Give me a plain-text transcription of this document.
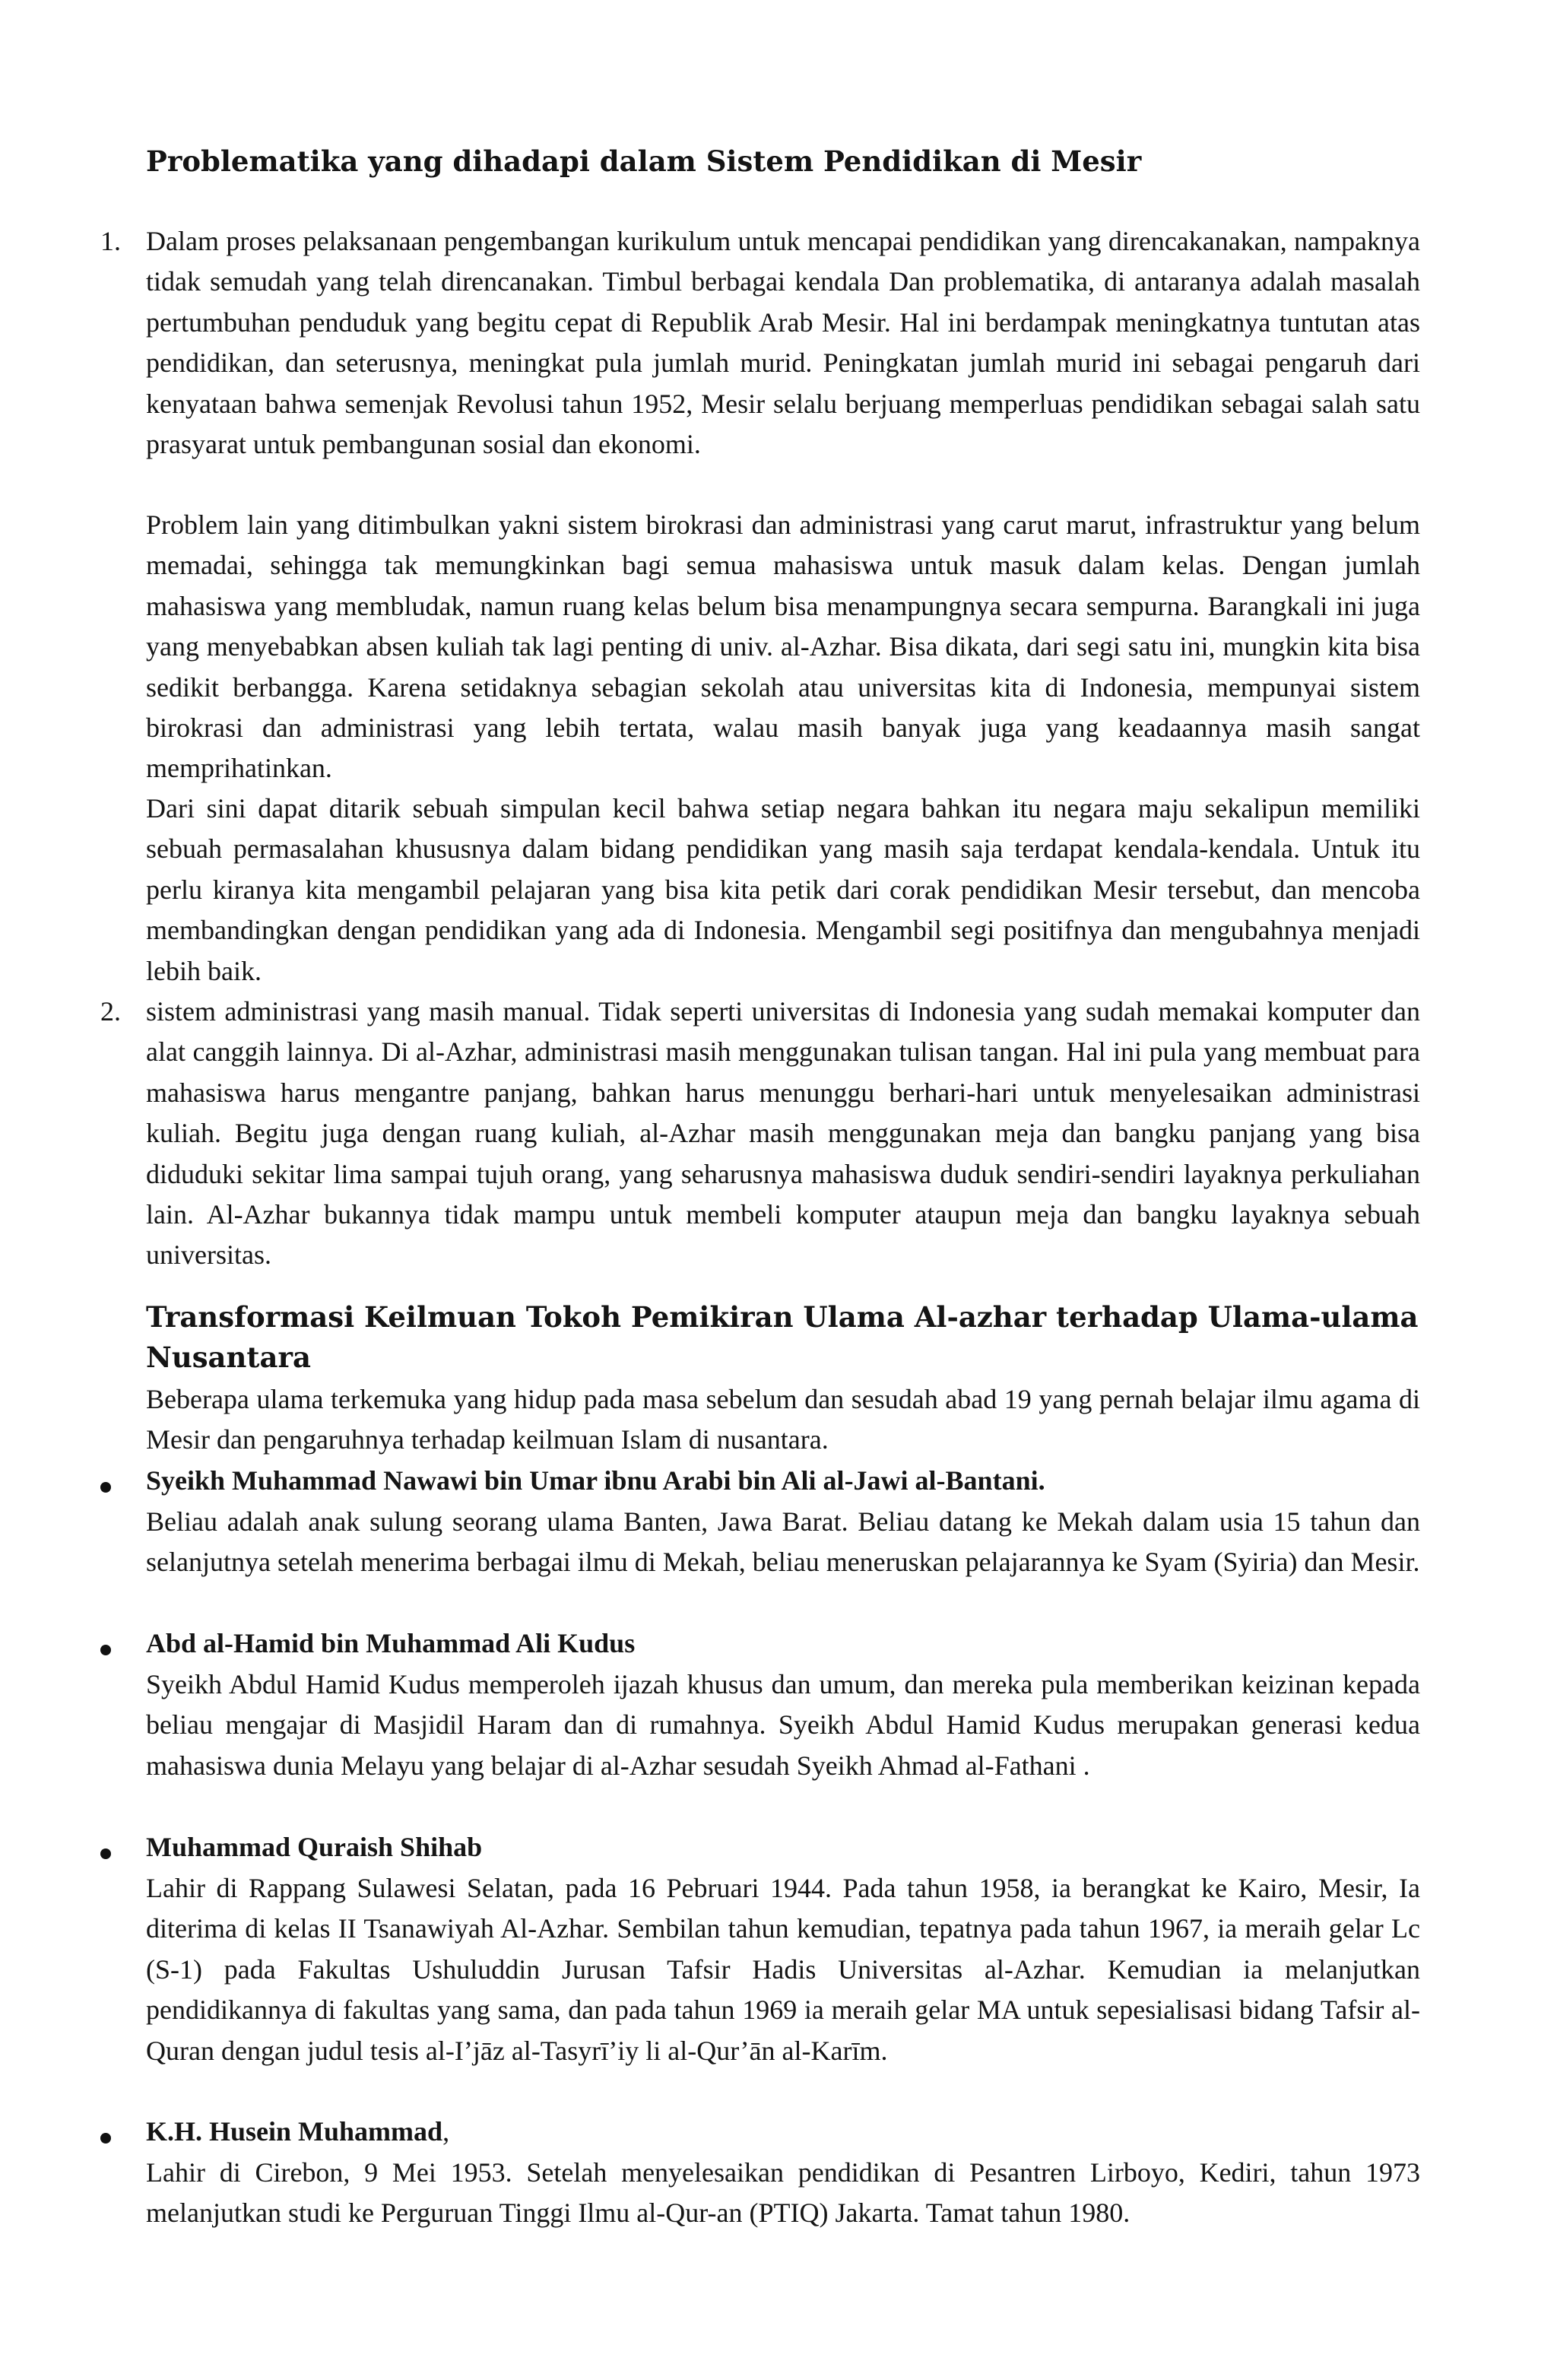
Problematika yang dihadapi dalam Sistem Pendidikan di Mesir
1. Dalam proses pelaksanaan pengembangan kurikulum untuk mencapai pendidikan yang direncakanakan, nampaknya tidak semudah yang telah direncanakan. Timbul berbagai kendala Dan problematika, di antaranya adalah masalah pertumbuhan penduduk yang begitu cepat di Republik Arab Mesir. Hal ini berdampak meningkatnya tuntutan atas pendidikan, dan seterusnya, meningkat pula jumlah murid. Peningkatan jumlah murid ini sebagai pengaruh dari kenyataan bahwa semenjak Revolusi tahun 1952, Mesir selalu berjuang memperluas pendidikan sebagai salah satu prasyarat untuk pembangunan sosial dan ekonomi.
Problem lain yang ditimbulkan yakni sistem birokrasi dan administrasi yang carut marut, infrastruktur yang belum memadai, sehingga tak memungkinkan bagi semua mahasiswa untuk masuk dalam kelas. Dengan jumlah mahasiswa yang membludak, namun ruang kelas belum bisa menampungnya secara sempurna. Barangkali ini juga yang menyebabkan absen kuliah tak lagi penting di univ. al-Azhar. Bisa dikata, dari segi satu ini, mungkin kita bisa sedikit berbangga. Karena setidaknya sebagian sekolah atau universitas kita di Indonesia, mempunyai sistem birokrasi dan administrasi yang lebih tertata, walau masih banyak juga yang keadaannya masih sangat memprihatinkan.
Dari sini dapat ditarik sebuah simpulan kecil bahwa setiap negara bahkan itu negara maju sekalipun memiliki sebuah permasalahan khususnya dalam bidang pendidikan yang masih saja terdapat kendala-kendala. Untuk itu perlu kiranya kita mengambil pelajaran yang bisa kita petik dari corak pendidikan Mesir tersebut, dan mencoba membandingkan dengan pendidikan yang ada di Indonesia. Mengambil segi positifnya dan mengubahnya menjadi lebih baik.
2. sistem administrasi yang masih manual. Tidak seperti universitas di Indonesia yang sudah memakai komputer dan alat canggih lainnya. Di al-Azhar, administrasi masih menggunakan tulisan tangan. Hal ini pula yang membuat para mahasiswa harus mengantre panjang, bahkan harus menunggu berhari-hari untuk menyelesaikan administrasi kuliah. Begitu juga dengan ruang kuliah, al-Azhar masih menggunakan meja dan bangku panjang yang bisa diduduki sekitar lima sampai tujuh orang, yang seharusnya mahasiswa duduk sendiri-sendiri layaknya perkuliahan lain. Al-Azhar bukannya tidak mampu untuk membeli komputer ataupun meja dan bangku layaknya sebuah universitas.
Transformasi Keilmuan Tokoh Pemikiran Ulama Al-azhar terhadap Ulama-ulama Nusantara
Beberapa ulama terkemuka yang hidup pada masa sebelum dan sesudah abad 19 yang pernah belajar ilmu agama di Mesir dan pengaruhnya terhadap keilmuan Islam di nusantara.
Syeikh Muhammad Nawawi bin Umar ibnu Arabi bin Ali al-Jawi al-Bantani.
Beliau adalah anak sulung seorang ulama Banten, Jawa Barat. Beliau datang ke Mekah dalam usia 15 tahun dan selanjutnya setelah menerima berbagai ilmu di Mekah, beliau meneruskan pelajarannya ke Syam (Syiria) dan Mesir.
Abd al-Hamid bin Muhammad Ali Kudus
Syeikh Abdul Hamid Kudus memperoleh ijazah khusus dan umum, dan mereka pula memberikan keizinan kepada beliau mengajar di Masjidil Haram dan di rumahnya. Syeikh Abdul Hamid Kudus merupakan generasi kedua mahasiswa dunia Melayu yang belajar di al-Azhar sesudah Syeikh Ahmad al-Fathani .
Muhammad Quraish Shihab
Lahir di Rappang Sulawesi Selatan, pada 16 Pebruari 1944. Pada tahun 1958, ia berangkat ke Kairo, Mesir, Ia diterima di kelas II Tsanawiyah Al-Azhar. Sembilan tahun kemudian, tepatnya pada tahun 1967, ia meraih gelar Lc (S-1) pada Fakultas Ushuluddin Jurusan Tafsir Hadis Universitas al-Azhar. Kemudian ia melanjutkan pendidikannya di fakultas yang sama, dan pada tahun 1969 ia meraih gelar MA untuk sepesialisasi bidang Tafsir al-Quran dengan judul tesis al-I’jāz al-Tasyrī’iy li al-Qur’ān al-Karīm.
K.H. Husein Muhammad,
Lahir di Cirebon, 9 Mei 1953. Setelah menyelesaikan pendidikan di Pesantren Lirboyo, Kediri, tahun 1973 melanjutkan studi ke Perguruan Tinggi Ilmu al-Qur-an (PTIQ) Jakarta. Tamat tahun 1980.
